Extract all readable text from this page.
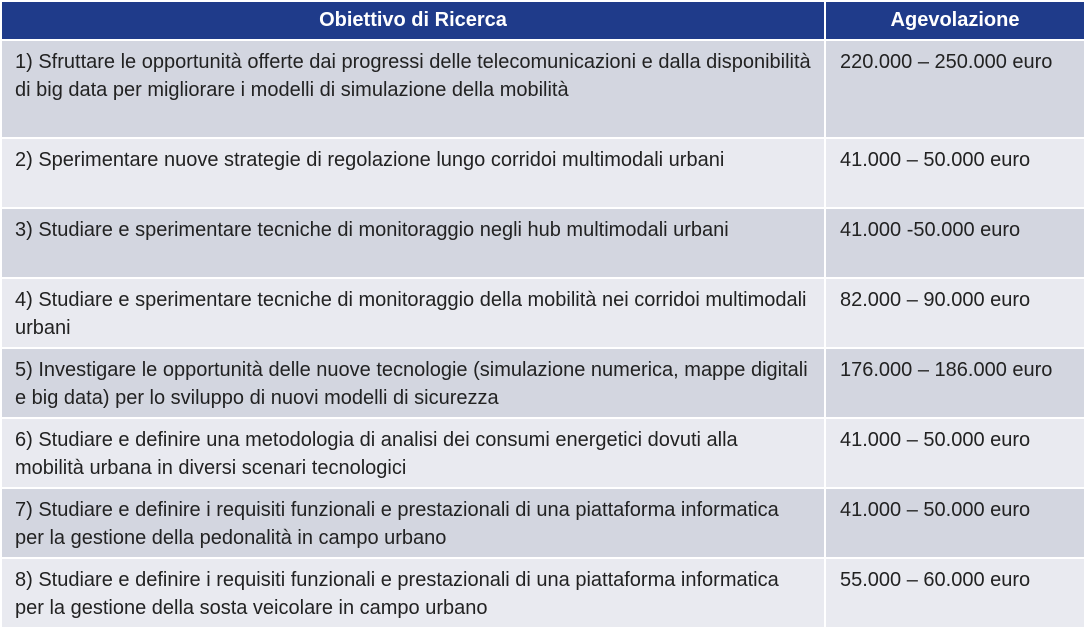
Obiettivo di Ricerca	Agevolazione
1) Sfruttare le opportunità offerte dai progressi delle telecomunicazioni e dalla disponibilità di big data per migliorare i modelli di simulazione della mobilità	220.000 – 250.000 euro
2) Sperimentare nuove strategie di regolazione lungo corridoi multimodali urbani	41.000 – 50.000 euro
3) Studiare e sperimentare tecniche di monitoraggio negli hub multimodali urbani	41.000 -50.000 euro
4) Studiare e sperimentare tecniche di monitoraggio della mobilità nei corridoi multimodali urbani	82.000 – 90.000 euro
5) Investigare le opportunità delle nuove tecnologie (simulazione numerica, mappe digitali e big data) per lo sviluppo di nuovi modelli di sicurezza	176.000 – 186.000 euro
6) Studiare e definire una metodologia di analisi dei consumi energetici dovuti alla mobilità urbana in diversi scenari tecnologici	41.000 – 50.000 euro
7) Studiare e definire i requisiti funzionali e prestazionali di una piattaforma informatica per la gestione della pedonalità in campo urbano	41.000 – 50.000 euro
8) Studiare e definire i requisiti funzionali e prestazionali di una piattaforma informatica per la gestione della sosta veicolare in campo urbano	55.000 – 60.000 euro
